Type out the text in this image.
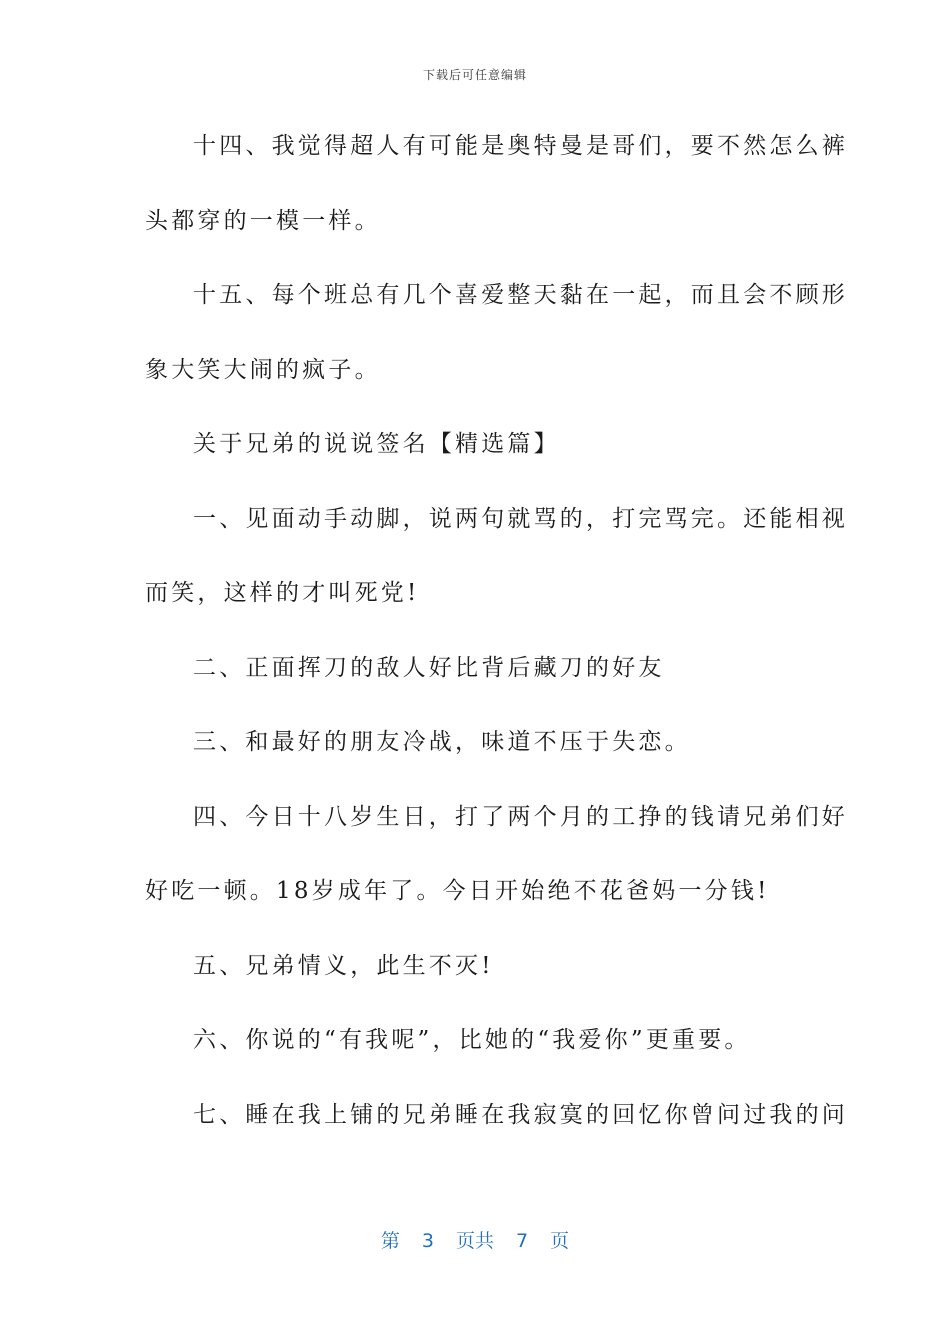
下载后可任意编辑
十四、我觉得超人有可能是奥特曼是哥们，要不然怎么裤
头都穿的一模一样。
十五、每个班总有几个喜爱整天黏在一起，而且会不顾形
象大笑大闹的疯子。
关于兄弟的说说签名【精选篇】
一、见面动手动脚，说两句就骂的，打完骂完。还能相视
而笑，这样的才叫死党!
二、正面挥刀的敌人好比背后藏刀的好友
三、和最好的朋友冷战，味道不压于失恋。
四、今日十八岁生日，打了两个月的工挣的钱请兄弟们好
好吃一顿。18岁成年了。今日开始绝不花爸妈一分钱!
五、兄弟情义，此生不灭!
六、你说的“有我呢”，比她的“我爱你”更重要。
七、睡在我上铺的兄弟睡在我寂寞的回忆你曾问过我的问
第 3 页共 7 页
